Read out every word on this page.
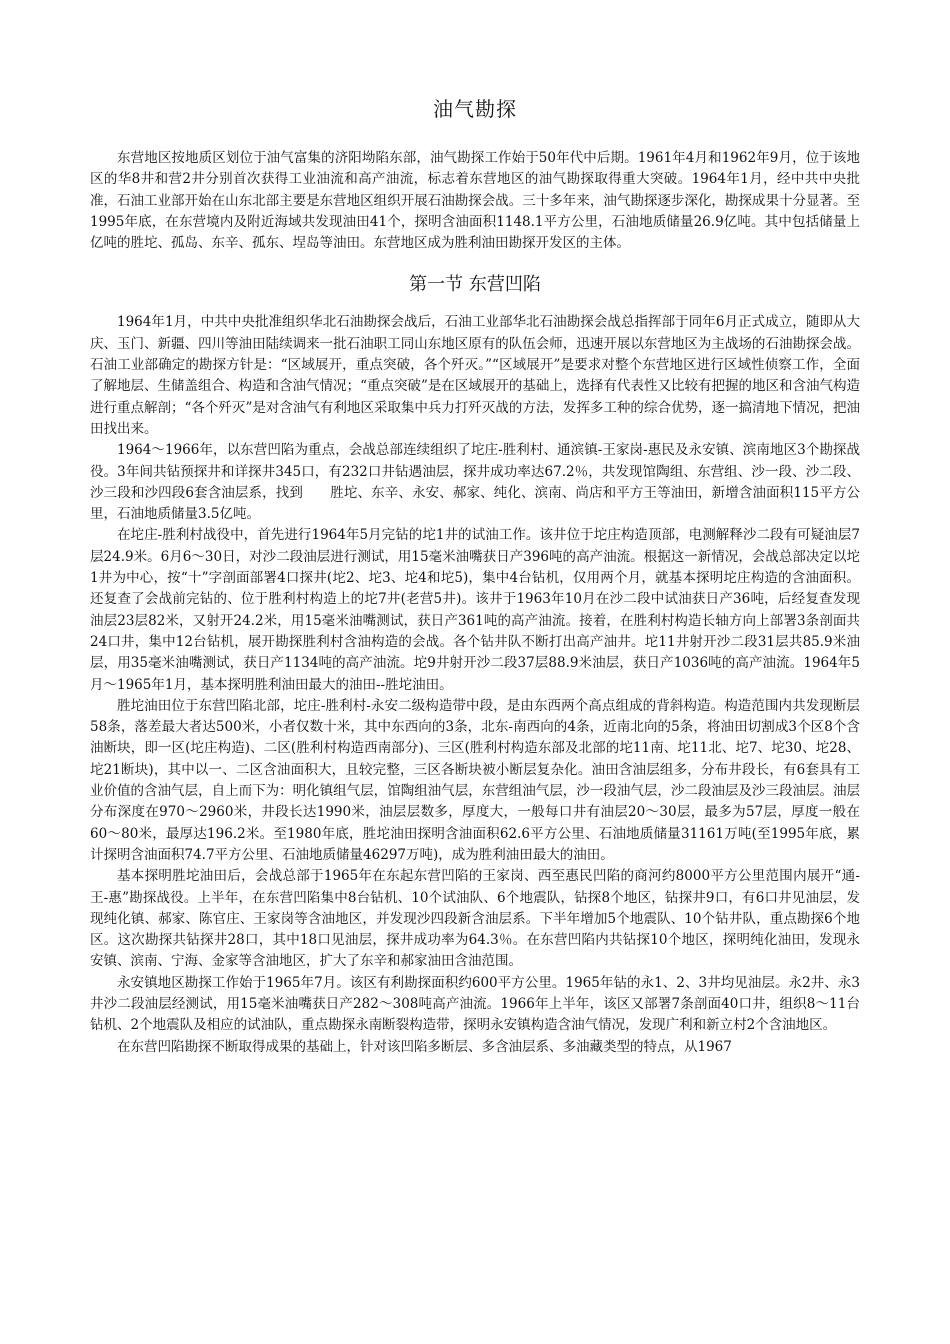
油气勘探

东营地区按地质区划位于油气富集的济阳坳陷东部，油气勘探工作始于50年代中后期。1961年4月和1962年9月，位于该地区的华8井和营2井分别首次获得工业油流和高产油流，标志着东营地区的油气勘探取得重大突破。1964年1月，经中共中央批准，石油工业部开始在山东北部主要是东营地区组织开展石油勘探会战。三十多年来，油气勘探逐步深化，勘探成果十分显著。至1995年底，在东营境内及附近海域共发现油田41个，探明含油面积1148.1平方公里，石油地质储量26.9亿吨。其中包括储量上亿吨的胜坨、孤岛、东辛、孤东、埕岛等油田。东营地区成为胜利油田勘探开发区的主体。

第一节 东营凹陷

1964年1月，中共中央批准组织华北石油勘探会战后，石油工业部华北石油勘探会战总指挥部于同年6月正式成立，随即从大庆、玉门、新疆、四川等油田陆续调来一批石油职工同山东地区原有的队伍会师，迅速开展以东营地区为主战场的石油勘探会战。石油工业部确定的勘探方针是：“区域展开，重点突破，各个歼灭。”“区域展开”是要求对整个东营地区进行区域性侦察工作，全面了解地层、生储盖组合、构造和含油气情况；“重点突破”是在区域展开的基础上，选择有代表性又比较有把握的地区和含油气构造进行重点解剖；“各个歼灭”是对含油气有利地区采取集中兵力打歼灭战的方法，发挥多工种的综合优势，逐一搞清地下情况，把油田找出来。

1964～1966年，以东营凹陷为重点，会战总部连续组织了坨庄-胜利村、通滨镇-王家岗-惠民及永安镇、滨南地区3个勘探战役。3年间共钻预探井和详探井345口，有232口井钻遇油层，探井成功率达67.2％，共发现馆陶组、东营组、沙一段、沙二段、沙三段和沙四段6套含油层系，找到　　胜坨、东辛、永安、郝家、纯化、滨南、尚店和平方王等油田，新增含油面积115平方公里，石油地质储量3.5亿吨。

在坨庄-胜利村战役中，首先进行1964年5月完钻的坨1井的试油工作。该井位于坨庄构造顶部，电测解释沙二段有可疑油层7层24.9米。6月6～30日，对沙二段油层进行测试，用15毫米油嘴获日产396吨的高产油流。根据这一新情况，会战总部决定以坨1井为中心，按“十”字剖面部署4口探井(坨2、坨3、坨4和坨5)，集中4台钻机，仅用两个月，就基本探明坨庄构造的含油面积。还复查了会战前完钻的、位于胜利村构造上的坨7井(老营5井)。该井于1963年10月在沙二段中试油获日产36吨，后经复查发现油层23层82米，又射开24.2米，用15毫米油嘴测试，获日产361吨的高产油流。接着，在胜利村构造长轴方向上部署3条剖面共24口井，集中12台钻机，展开勘探胜利村含油构造的会战。各个钻井队不断打出高产油井。坨11井射开沙二段31层共85.9米油层，用35毫米油嘴测试，获日产1134吨的高产油流。坨9井射开沙二段37层88.9米油层，获日产1036吨的高产油流。1964年5月～1965年1月，基本探明胜利油田最大的油田--胜坨油田。

胜坨油田位于东营凹陷北部，坨庄-胜利村-永安二级构造带中段，是由东西两个高点组成的背斜构造。构造范围内共发现断层58条，落差最大者达500米，小者仅数十米，其中东西向的3条，北东-南西向的4条，近南北向的5条，将油田切割成3个区8个含油断块，即一区(坨庄构造)、二区(胜利村构造西南部分)、三区(胜利村构造东部及北部的坨11南、坨11北、坨7、坨30、坨28、坨21断块)，其中以一、二区含油面积大，且较完整，三区各断块被小断层复杂化。油田含油层组多，分布井段长，有6套具有工业价值的含油气层，自上而下为：明化镇组气层，馆陶组油气层，东营组油气层，沙一段油气层，沙二段油层及沙三段油层。油层分布深度在970～2960米，井段长达1990米，油层层数多，厚度大，一般每口井有油层20～30层，最多为57层，厚度一般在60～80米，最厚达196.2米。至1980年底，胜坨油田探明含油面积62.6平方公里、石油地质储量31161万吨(至1995年底，累计探明含油面积74.7平方公里、石油地质储量46297万吨)，成为胜利油田最大的油田。

基本探明胜坨油田后，会战总部于1965年在东起东营凹陷的王家岗、西至惠民凹陷的商河约8000平方公里范围内展开“通-王-惠”勘探战役。上半年，在东营凹陷集中8台钻机、10个试油队、6个地震队，钻探8个地区，钻探井9口，有6口井见油层，发现纯化镇、郝家、陈官庄、王家岗等含油地区，并发现沙四段新含油层系。下半年增加5个地震队、10个钻井队，重点勘探6个地区。这次勘探共钻探井28口，其中18口见油层，探井成功率为64.3％。在东营凹陷内共钻探10个地区，探明纯化油田，发现永安镇、滨南、宁海、金家等含油地区，扩大了东辛和郝家油田含油范围。

永安镇地区勘探工作始于1965年7月。该区有利勘探面积约600平方公里。1965年钻的永1、2、3井均见油层。永2井、永3井沙二段油层经测试，用15毫米油嘴获日产282～308吨高产油流。1966年上半年，该区又部署7条剖面40口井，组织8～11台钻机、2个地震队及相应的试油队，重点勘探永南断裂构造带，探明永安镇构造含油气情况，发现广利和新立村2个含油地区。

在东营凹陷勘探不断取得成果的基础上，针对该凹陷多断层、多含油层系、多油藏类型的特点，从1967
